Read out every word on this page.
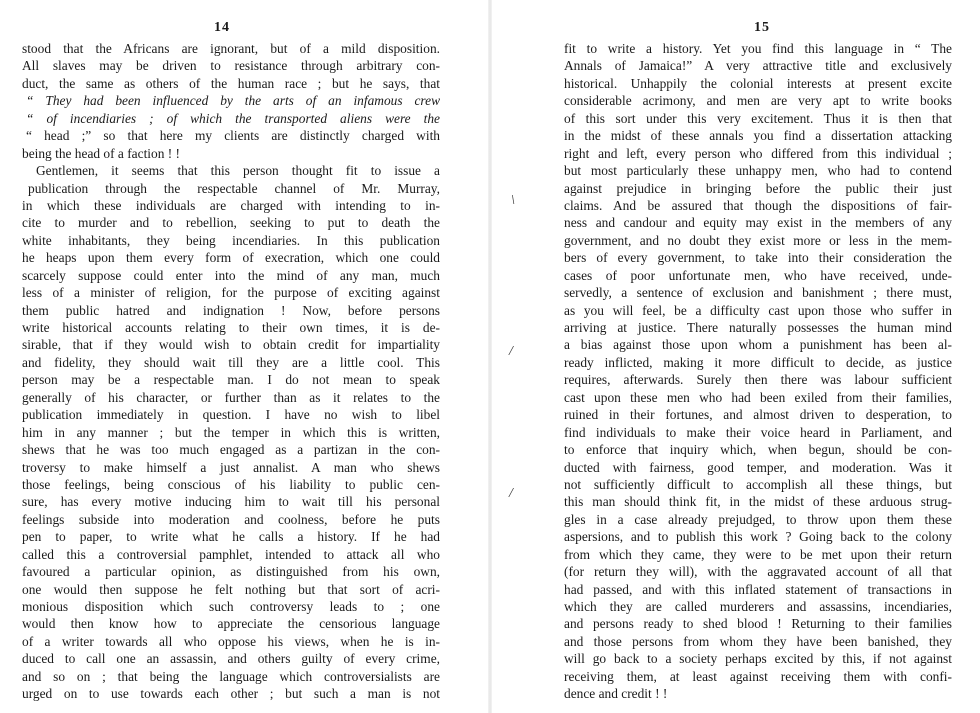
14
stood that the Africans are ignorant, but of a mild disposition.
All slaves may be driven to resistance through arbitrary con-
duct, the same as others of the human race ; but he says, that
“ They had been influenced by the arts of an infamous crew
“ of incendiaries ; of which the transported aliens were the
“ head ;” so that here my clients are distinctly charged with
being the head of a faction ! !
Gentlemen, it seems that this person thought fit to issue a
publication through the respectable channel of Mr. Murray,
in which these individuals are charged with intending to in-
cite to murder and to rebellion, seeking to put to death the
white inhabitants, they being incendiaries. In this publication
he heaps upon them every form of execration, which one could
scarcely suppose could enter into the mind of any man, much
less of a minister of religion, for the purpose of exciting against
them public hatred and indignation ! Now, before persons
write historical accounts relating to their own times, it is de-
sirable, that if they would wish to obtain credit for impartiality
and fidelity, they should wait till they are a little cool. This
person may be a respectable man. I do not mean to speak
generally of his character, or further than as it relates to the
publication immediately in question. I have no wish to libel
him in any manner ; but the temper in which this is written,
shews that he was too much engaged as a partizan in the con-
troversy to make himself a just annalist. A man who shews
those feelings, being conscious of his liability to public cen-
sure, has every motive inducing him to wait till his personal
feelings subside into moderation and coolness, before he puts
pen to paper, to write what he calls a history. If he had
called this a controversial pamphlet, intended to attack all who
favoured a particular opinion, as distinguished from his own,
one would then suppose he felt nothing but that sort of acri-
monious disposition which such controversy leads to ; one
would then know how to appreciate the censorious language
of a writer towards all who oppose his views, when he is in-
duced to call one an assassin, and others guilty of every crime,
and so on ; that being the language which controversialists are
urged on to use towards each other ; but such a man is not
\
/
/
15
fit to write a history. Yet you find this language in “ The
Annals of Jamaica!” A very attractive title and exclusively
historical. Unhappily the colonial interests at present excite
considerable acrimony, and men are very apt to write books
of this sort under this very excitement. Thus it is then that
in the midst of these annals you find a dissertation attacking
right and left, every person who differed from this individual ;
but most particularly these unhappy men, who had to contend
against prejudice in bringing before the public their just
claims. And be assured that though the dispositions of fair-
ness and candour and equity may exist in the members of any
government, and no doubt they exist more or less in the mem-
bers of every government, to take into their consideration the
cases of poor unfortunate men, who have received, unde-
servedly, a sentence of exclusion and banishment ; there must,
as you will feel, be a difficulty cast upon those who suffer in
arriving at justice. There naturally possesses the human mind
a bias against those upon whom a punishment has been al-
ready inflicted, making it more difficult to decide, as justice
requires, afterwards. Surely then there was labour sufficient
cast upon these men who had been exiled from their families,
ruined in their fortunes, and almost driven to desperation, to
find individuals to make their voice heard in Parliament, and
to enforce that inquiry which, when begun, should be con-
ducted with fairness, good temper, and moderation. Was it
not sufficiently difficult to accomplish all these things, but
this man should think fit, in the midst of these arduous strug-
gles in a case already prejudged, to throw upon them these
aspersions, and to publish this work ? Going back to the colony
from which they came, they were to be met upon their return
(for return they will), with the aggravated account of all that
had passed, and with this inflated statement of transactions in
which they are called murderers and assassins, incendiaries,
and persons ready to shed blood ! Returning to their families
and those persons from whom they have been banished, they
will go back to a society perhaps excited by this, if not against
receiving them, at least against receiving them with confi-
dence and credit ! !
